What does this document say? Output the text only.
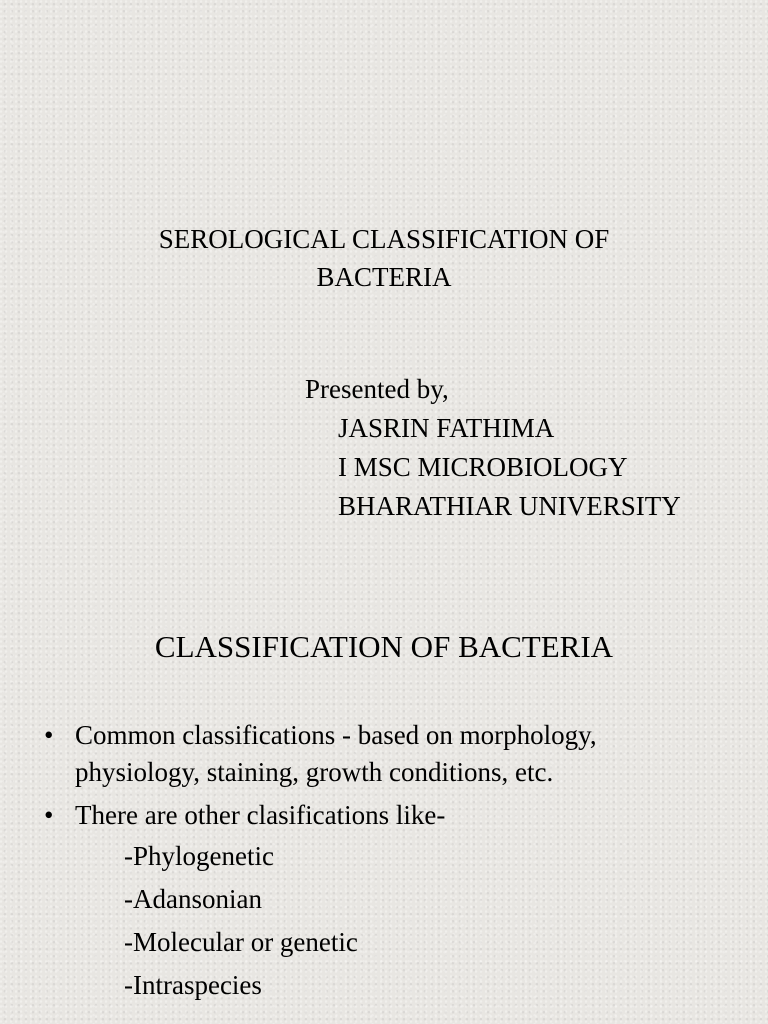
SEROLOGICAL CLASSIFICATION OF
BACTERIA
Presented by,
JASRIN FATHIMA
I MSC MICROBIOLOGY
BHARATHIAR UNIVERSITY
CLASSIFICATION OF BACTERIA
• Common classifications - based on morphology,
physiology, staining, growth conditions, etc.
• There are other clasifications like-
-Phylogenetic
-Adansonian
-Molecular or genetic
-Intraspecies
